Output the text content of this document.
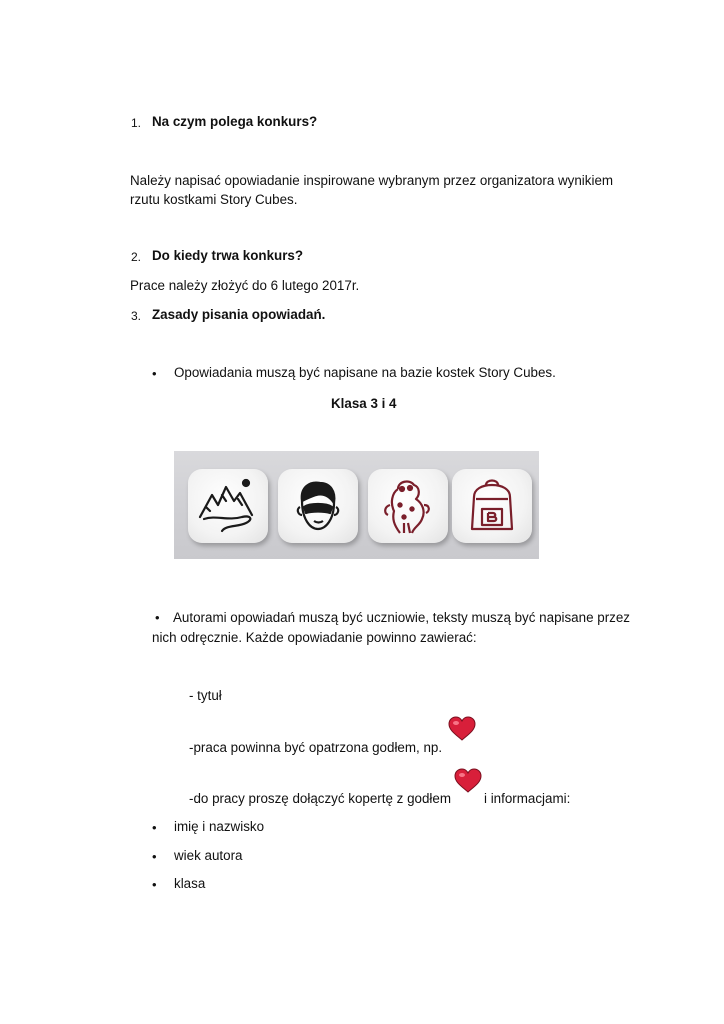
1. Na czym polega konkurs?
Należy napisać opowiadanie inspirowane wybranym przez organizatora wynikiem
rzutu kostkami Story Cubes.
2. Do kiedy trwa konkurs?
Prace należy złożyć do 6 lutego 2017r.
3. Zasady pisania opowiadań.
• Opowiadania muszą być napisane na bazie kostek Story Cubes.
Klasa 3 i 4
• Autorami opowiadań muszą być uczniowie, teksty muszą być napisane przez
nich odręcznie. Każde opowiadanie powinno zawierać:
- tytuł
-praca powinna być opatrzona godłem, np.
-do pracy proszę dołączyć kopertę z godłem i informacjami:
• imię i nazwisko
• wiek autora
• klasa
